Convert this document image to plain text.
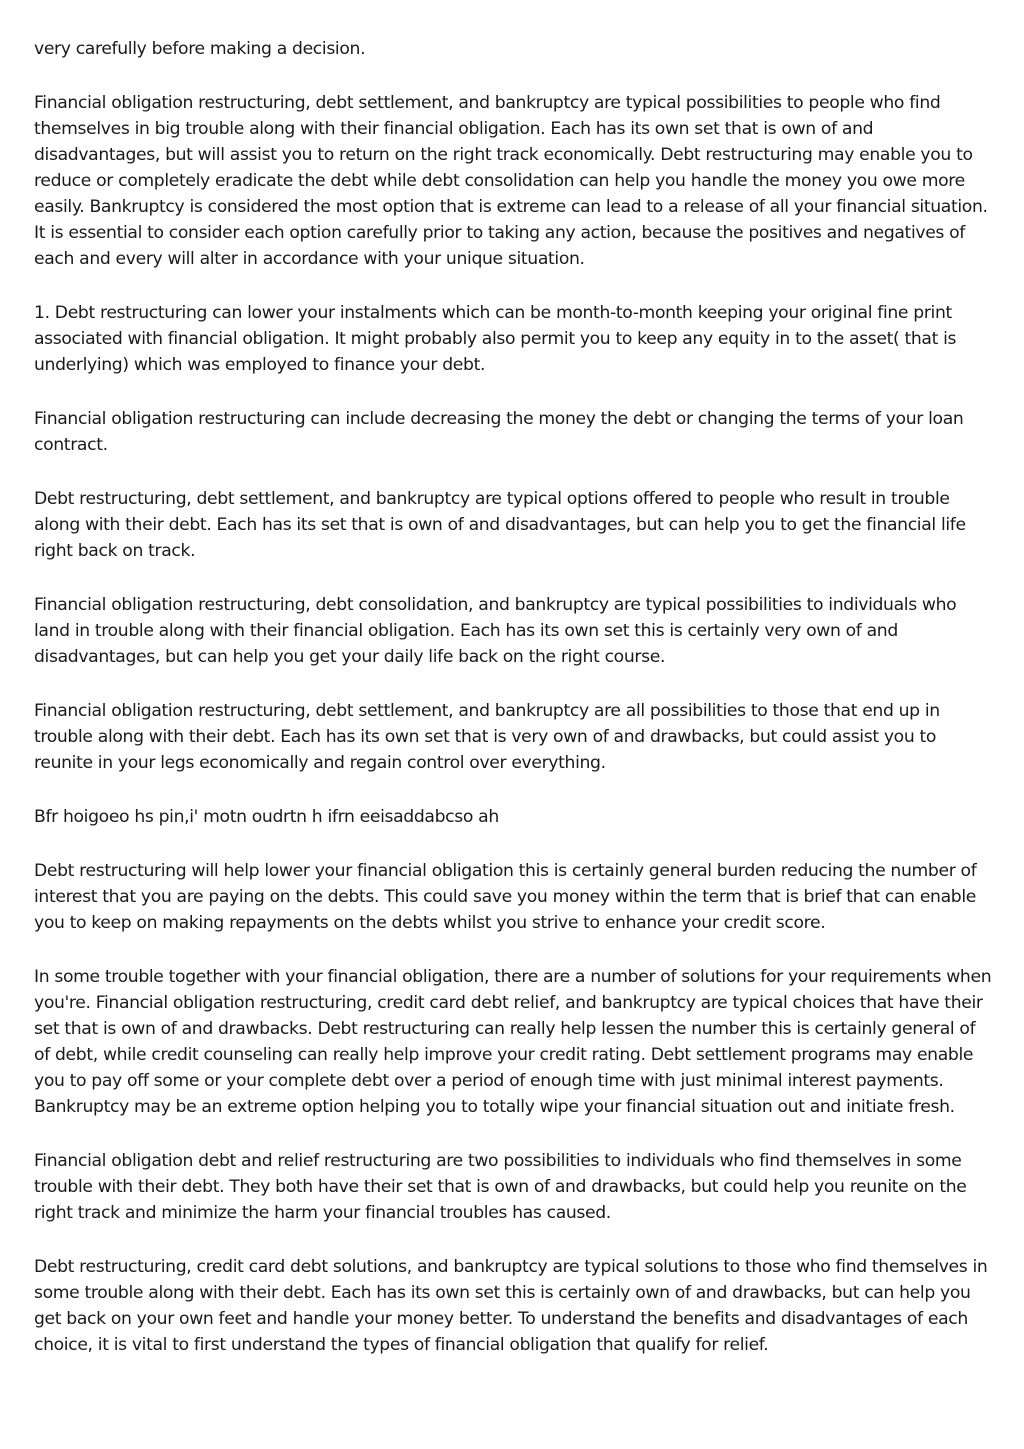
very carefully before making a decision.

Financial obligation restructuring, debt settlement, and bankruptcy are typical possibilities to people who find themselves in big trouble along with their financial obligation. Each has its own set that is own of and disadvantages, but will assist you to return on the right track economically. Debt restructuring may enable you to reduce or completely eradicate the debt while debt consolidation can help you handle the money you owe more easily. Bankruptcy is considered the most option that is extreme can lead to a release of all your financial situation. It is essential to consider each option carefully prior to taking any action, because the positives and negatives of each and every will alter in accordance with your unique situation.

1. Debt restructuring can lower your instalments which can be month-to-month keeping your original fine print associated with financial obligation. It might probably also permit you to keep any equity in to the asset( that is underlying) which was employed to finance your debt.

Financial obligation restructuring can include decreasing the money the debt or changing the terms of your loan contract.

Debt restructuring, debt settlement, and bankruptcy are typical options offered to people who result in trouble along with their debt. Each has its set that is own of and disadvantages, but can help you to get the financial life right back on track.

Financial obligation restructuring, debt consolidation, and bankruptcy are typical possibilities to individuals who land in trouble along with their financial obligation. Each has its own set this is certainly very own of and disadvantages, but can help you get your daily life back on the right course.

Financial obligation restructuring, debt settlement, and bankruptcy are all possibilities to those that end up in trouble along with their debt. Each has its own set that is very own of and drawbacks, but could assist you to reunite in your legs economically and regain control over everything.

Bfr hoigoeo hs pin,i' motn oudrtn h ifrn eeisaddabcso ah

Debt restructuring will help lower your financial obligation this is certainly general burden reducing the number of interest that you are paying on the debts. This could save you money within the term that is brief that can enable you to keep on making repayments on the debts whilst you strive to enhance your credit score.

In some trouble together with your financial obligation, there are a number of solutions for your requirements when you're. Financial obligation restructuring, credit card debt relief, and bankruptcy are typical choices that have their set that is own of and drawbacks. Debt restructuring can really help lessen the number this is certainly general of of debt, while credit counseling can really help improve your credit rating. Debt settlement programs may enable you to pay off some or your complete debt over a period of enough time with just minimal interest payments. Bankruptcy may be an extreme option helping you to totally wipe your financial situation out and initiate fresh.

Financial obligation debt and relief restructuring are two possibilities to individuals who find themselves in some trouble with their debt. They both have their set that is own of and drawbacks, but could help you reunite on the right track and minimize the harm your financial troubles has caused.

Debt restructuring, credit card debt solutions, and bankruptcy are typical solutions to those who find themselves in some trouble along with their debt. Each has its own set this is certainly own of and drawbacks, but can help you get back on your own feet and handle your money better. To understand the benefits and disadvantages of each choice, it is vital to first understand the types of financial obligation that qualify for relief.
